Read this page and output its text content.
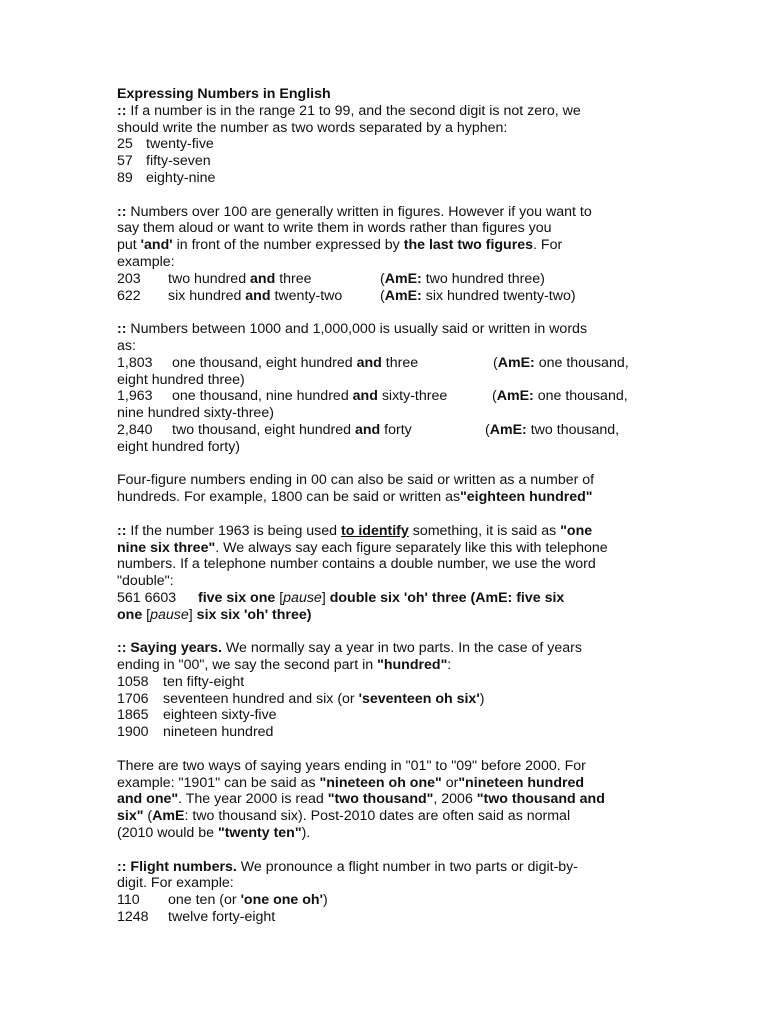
Expressing Numbers in English
:: If a number is in the range 21 to 99, and the second digit is not zero, we
should write the number as two words separated by a hyphen:
25 twenty-five
57 fifty-seven
89 eighty-nine
:: Numbers over 100 are generally written in figures. However if you want to
say them aloud or want to write them in words rather than figures you
put 'and' in front of the number expressed by the last two figures. For
example:
203 two hundred and three	(AmE: two hundred three)
622 six hundred and twenty-two	(AmE: six hundred twenty-two)
:: Numbers between 1000 and 1,000,000 is usually said or written in words
as:
1,803 one thousand, eight hundred and three	(AmE: one thousand,
eight hundred three)
1,963 one thousand, nine hundred and sixty-three	(AmE: one thousand,
nine hundred sixty-three)
2,840 two thousand, eight hundred and forty	(AmE: two thousand,
eight hundred forty)
Four-figure numbers ending in 00 can also be said or written as a number of
hundreds. For example, 1800 can be said or written as"eighteen hundred"
:: If the number 1963 is being used to identify something, it is said as "one
nine six three". We always say each figure separately like this with telephone
numbers. If a telephone number contains a double number, we use the word
"double":
561 6603 five six one [pause] double six 'oh' three (AmE: five six
one [pause] six six 'oh' three)
:: Saying years. We normally say a year in two parts. In the case of years
ending in "00", we say the second part in "hundred":
1058 ten fifty-eight
1706 seventeen hundred and six (or 'seventeen oh six')
1865 eighteen sixty-five
1900 nineteen hundred
There are two ways of saying years ending in "01" to "09" before 2000. For
example: "1901" can be said as "nineteen oh one" or"nineteen hundred
and one". The year 2000 is read "two thousand", 2006 "two thousand and
six" (AmE: two thousand six). Post-2010 dates are often said as normal
(2010 would be "twenty ten").
:: Flight numbers. We pronounce a flight number in two parts or digit-by-
digit. For example:
110 one ten (or 'one one oh')
1248 twelve forty-eight
